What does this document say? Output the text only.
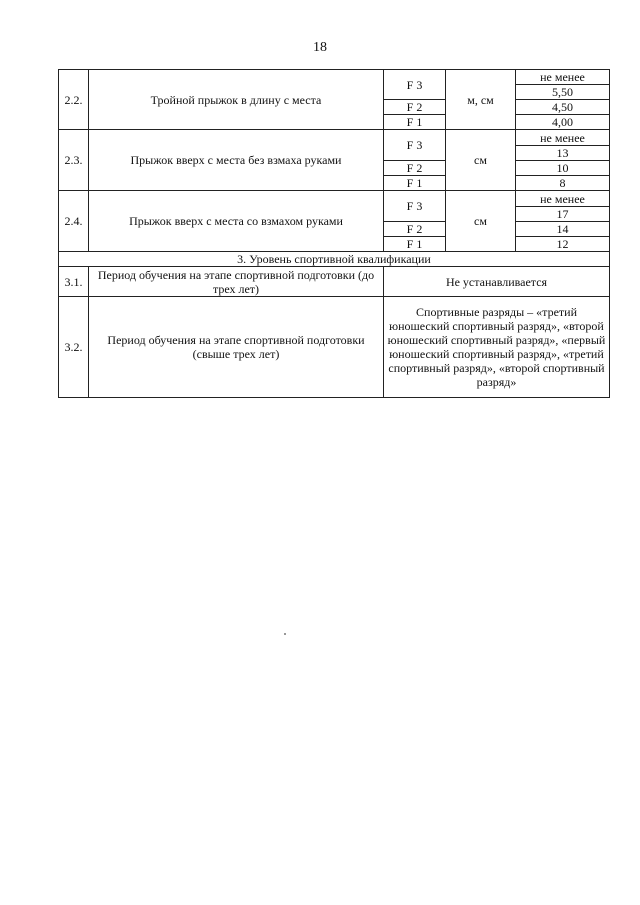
18
2.2.	Тройной прыжок в длину с места	F 3	м, см	не менее
				5,50
		F 2		4,50
		F 1		4,00
2.3.	Прыжок вверх с места без взмаха руками	F 3	см	не менее
				13
		F 2		10
		F 1		8
2.4.	Прыжок вверх с места со взмахом руками	F 3	см	не менее
				17
		F 2		14
		F 1		12
3. Уровень спортивной квалификации				
3.1.	Период обучения на этапе спортивной подготовки (до трех лет)	Не устанавливается		
3.2.	Период обучения на этапе спортивной подготовки (свыше трех лет)	Спортивные разряды – «третий юношеский спортивный разряд», «второй юношеский спортивный разряд», «первый юношеский спортивный разряд», «третий спортивный разряд», «второй спортивный разряд»		
